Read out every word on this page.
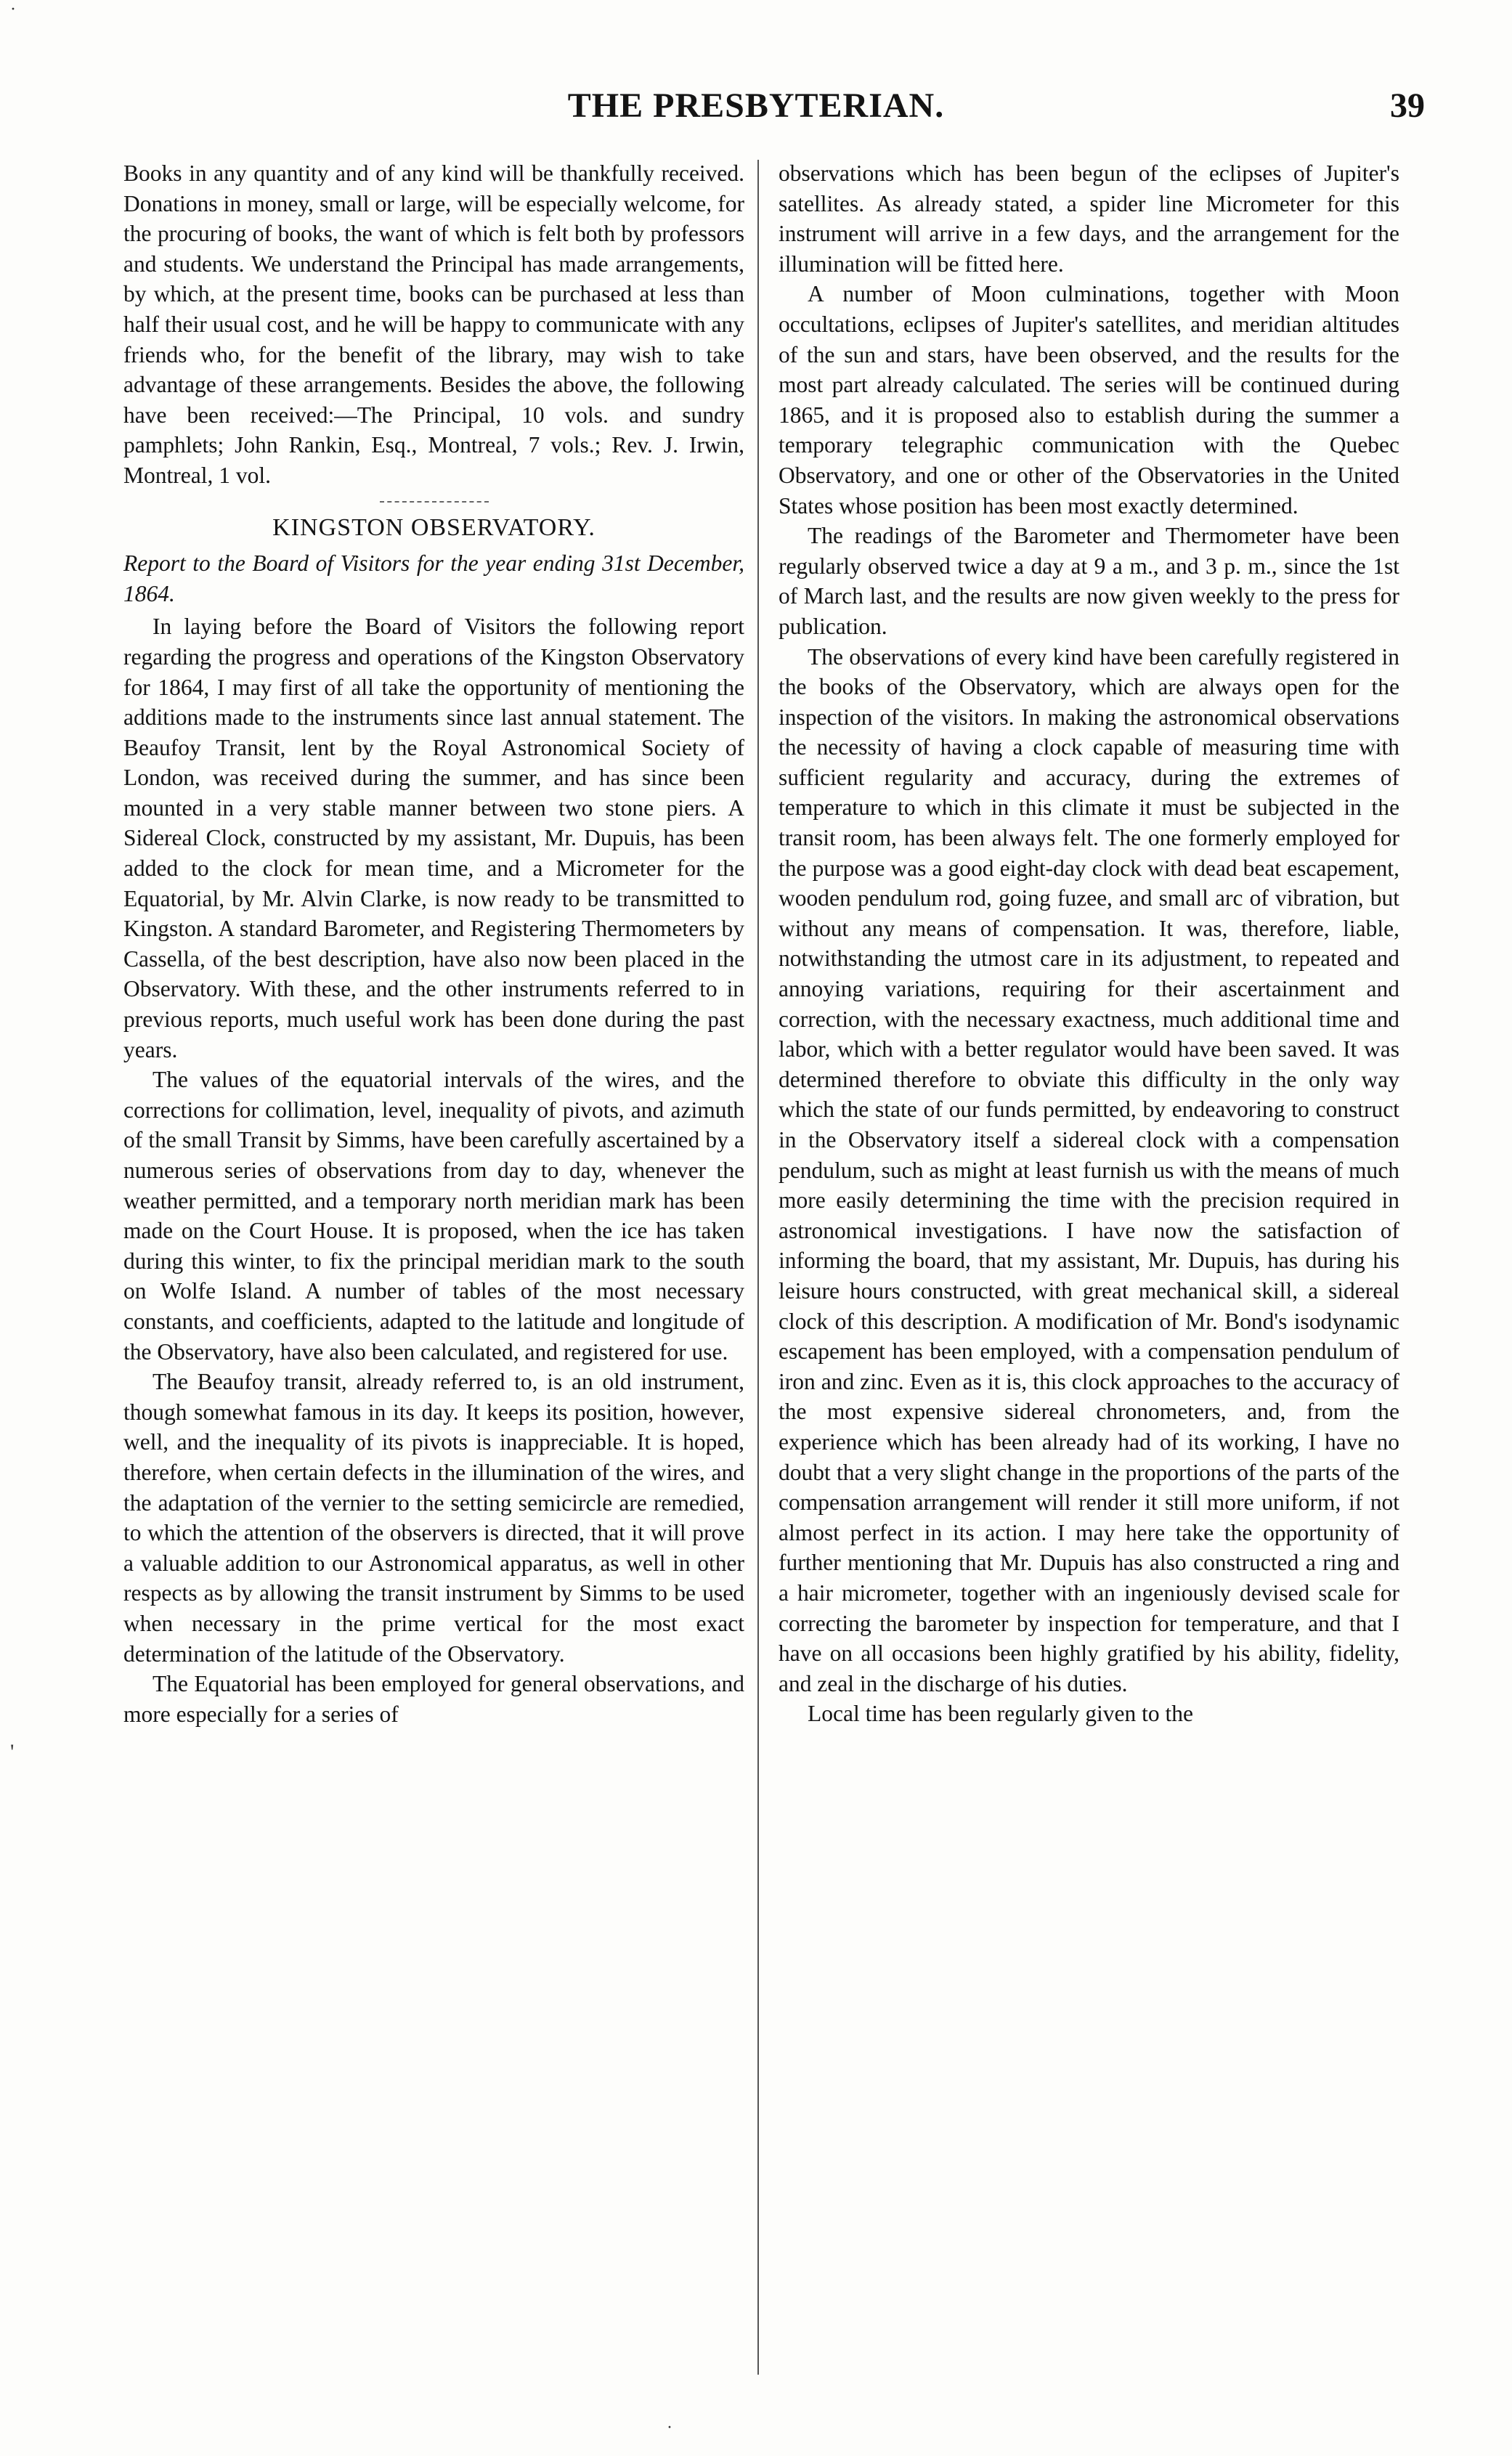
THE PRESBYTERIAN.	39

Books in any quantity and of any kind will be thankfully received. Donations in money, small or large, will be especially welcome, for the procuring of books, the want of which is felt both by professors and students. We understand the Principal has made arrangements, by which, at the present time, books can be purchased at less than half their usual cost, and he will be happy to communicate with any friends who, for the benefit of the library, may wish to take advantage of these arrangements. Besides the above, the following have been received:—The Principal, 10 vols. and sundry pamphlets; John Rankin, Esq., Montreal, 7 vols.; Rev. J. Irwin, Montreal, 1 vol.

KINGSTON OBSERVATORY.

Report to the Board of Visitors for the year ending 31st December, 1864.

In laying before the Board of Visitors the following report regarding the progress and operations of the Kingston Observatory for 1864, I may first of all take the opportunity of mentioning the additions made to the instruments since last annual statement. The Beaufoy Transit, lent by the Royal Astronomical Society of London, was received during the summer, and has since been mounted in a very stable manner between two stone piers. A Sidereal Clock, constructed by my assistant, Mr. Dupuis, has been added to the clock for mean time, and a Micrometer for the Equatorial, by Mr. Alvin Clarke, is now ready to be transmitted to Kingston. A standard Barometer, and Registering Thermometers by Cassella, of the best description, have also now been placed in the Observatory. With these, and the other instruments referred to in previous reports, much useful work has been done during the past years.

The values of the equatorial intervals of the wires, and the corrections for collimation, level, inequality of pivots, and azimuth of the small Transit by Simms, have been carefully ascertained by a numerous series of observations from day to day, whenever the weather permitted, and a temporary north meridian mark has been made on the Court House. It is proposed, when the ice has taken during this winter, to fix the principal meridian mark to the south on Wolfe Island. A number of tables of the most necessary constants, and coefficients, adapted to the latitude and longitude of the Observatory, have also been calculated, and registered for use.

The Beaufoy transit, already referred to, is an old instrument, though somewhat famous in its day. It keeps its position, however, well, and the inequality of its pivots is inappreciable. It is hoped, therefore, when certain defects in the illumination of the wires, and the adaptation of the vernier to the setting semicircle are remedied, to which the attention of the observers is directed, that it will prove a valuable addition to our Astronomical apparatus, as well in other respects as by allowing the transit instrument by Simms to be used when necessary in the prime vertical for the most exact determination of the latitude of the Observatory.

The Equatorial has been employed for general observations, and more especially for a series of

observations which has been begun of the eclipses of Jupiter's satellites. As already stated, a spider line Micrometer for this instrument will arrive in a few days, and the arrangement for the illumination will be fitted here.

A number of Moon culminations, together with Moon occultations, eclipses of Jupiter's satellites, and meridian altitudes of the sun and stars, have been observed, and the results for the most part already calculated. The series will be continued during 1865, and it is proposed also to establish during the summer a temporary telegraphic communication with the Quebec Observatory, and one or other of the Observatories in the United States whose position has been most exactly determined.

The readings of the Barometer and Thermometer have been regularly observed twice a day at 9 a m., and 3 p. m., since the 1st of March last, and the results are now given weekly to the press for publication.

The observations of every kind have been carefully registered in the books of the Observatory, which are always open for the inspection of the visitors. In making the astronomical observations the necessity of having a clock capable of measuring time with sufficient regularity and accuracy, during the extremes of temperature to which in this climate it must be subjected in the transit room, has been always felt. The one formerly employed for the purpose was a good eight-day clock with dead beat escapement, wooden pendulum rod, going fuzee, and small arc of vibration, but without any means of compensation. It was, therefore, liable, notwithstanding the utmost care in its adjustment, to repeated and annoying variations, requiring for their ascertainment and correction, with the necessary exactness, much additional time and labor, which with a better regulator would have been saved. It was determined therefore to obviate this difficulty in the only way which the state of our funds permitted, by endeavoring to construct in the Observatory itself a sidereal clock with a compensation pendulum, such as might at least furnish us with the means of much more easily determining the time with the precision required in astronomical investigations. I have now the satisfaction of informing the board, that my assistant, Mr. Dupuis, has during his leisure hours constructed, with great mechanical skill, a sidereal clock of this description. A modification of Mr. Bond's isodynamic escapement has been employed, with a compensation pendulum of iron and zinc. Even as it is, this clock approaches to the accuracy of the most expensive sidereal chronometers, and, from the experience which has been already had of its working, I have no doubt that a very slight change in the proportions of the parts of the compensation arrangement will render it still more uniform, if not almost perfect in its action. I may here take the opportunity of further mentioning that Mr. Dupuis has also constructed a ring and a hair micrometer, together with an ingeniously devised scale for correcting the barometer by inspection for temperature, and that I have on all occasions been highly gratified by his ability, fidelity, and zeal in the discharge of his duties.

Local time has been regularly given to the

'
·
·
